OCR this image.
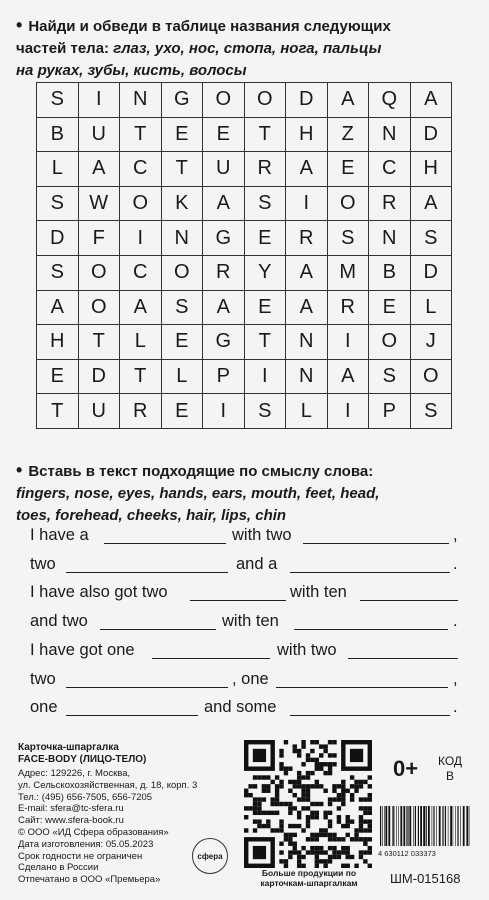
• Найди и обведи в таблице названия следующих
частей тела: глаз, ухо, нос, стопа, нога, пальцы
на руках, зубы, кисть, волосы
S	I	N	G	O	O	D	A	Q	A
B	U	T	E	E	T	H	Z	N	D
L	A	C	T	U	R	A	E	C	H
S	W	O	K	A	S	I	O	R	A
D	F	I	N	G	E	R	S	N	S
S	O	C	O	R	Y	A	M	B	D
A	O	A	S	A	E	A	R	E	L
H	T	L	E	G	T	N	I	O	J
E	D	T	L	P	I	N	A	S	O
T	U	R	E	I	S	L	I	P	S
• Вставь в текст подходящие по смыслу слова:
fingers, nose, eyes, hands, ears, mouth, feet, head,
toes, forehead, cheeks, hair, lips, chin
I have a	with two	,
two	and a	.
I have also got two	with ten
and two	with ten	.
I have got one	with two
two	, one	,
one	and some	.
Карточка-шпаргалка
FACE-BODY (ЛИЦО-ТЕЛО)
сфера
0+ КОД
В
4 630112 033373
Больше продукции по карточкам-шпаргалкам	ШМ-015168
Адрес: 129226, г. Москва,
ул. Сельскохозяйственная, д. 18, корп. 3
Тел.: (495) 656-7505, 656-7205
E-mail: sfera@tc-sfera.ru
Сайт: www.sfera-book.ru
© ООО «ИД Сфера образования»
Дата изготовления: 05.05.2023
Срок годности не ограничен
Сделано в России
Отпечатано в ООО «Премьера»
